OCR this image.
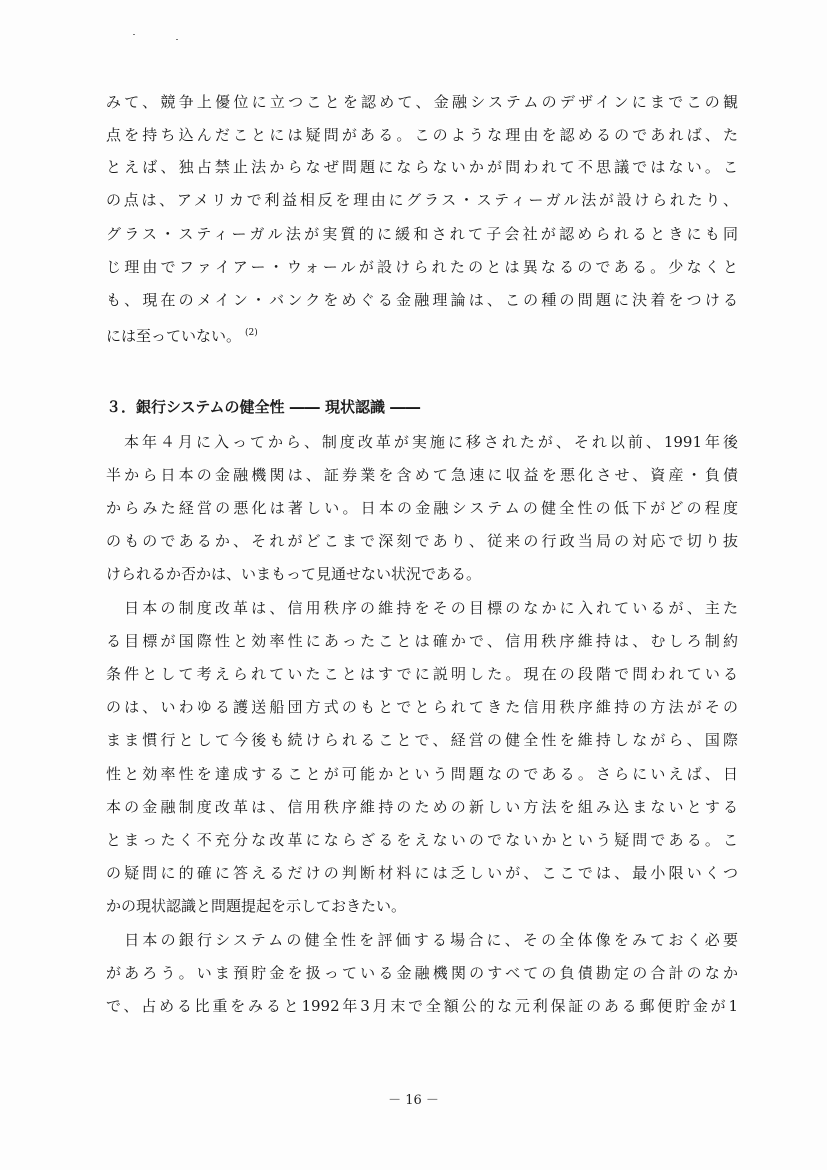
みて、競争上優位に立つことを認めて、金融システムのデザインにまでこの観
点を持ち込んだことには疑問がある。このような理由を認めるのであれば、た
とえば、独占禁止法からなぜ問題にならないかが問われて不思議ではない。こ
の点は、アメリカで利益相反を理由にグラス・スティーガル法が設けられたり、
グラス・スティーガル法が実質的に緩和されて子会社が認められるときにも同
じ理由でファイアー・ウォールが設けられたのとは異なるのである。少なくと
も、現在のメイン・バンクをめぐる金融理論は、この種の問題に決着をつける
には至っていない。 $^{(2)}$
３．銀行システムの健全性 ―― 現状認識 ――
　本年４月に入ってから、制度改革が実施に移されたが、それ以前、1991年後
半から日本の金融機関は、証券業を含めて急速に収益を悪化させ、資産・負債
からみた経営の悪化は著しい。日本の金融システムの健全性の低下がどの程度
のものであるか、それがどこまで深刻であり、従来の行政当局の対応で切り抜
けられるか否かは、いまもって見通せない状況である。
　日本の制度改革は、信用秩序の維持をその目標のなかに入れているが、主た
る目標が国際性と効率性にあったことは確かで、信用秩序維持は、むしろ制約
条件として考えられていたことはすでに説明した。現在の段階で問われている
のは、いわゆる護送船団方式のもとでとられてきた信用秩序維持の方法がその
まま慣行として今後も続けられることで、経営の健全性を維持しながら、国際
性と効率性を達成することが可能かという問題なのである。さらにいえば、日
本の金融制度改革は、信用秩序維持のための新しい方法を組み込まないとする
とまったく不充分な改革にならざるをえないのでないかという疑問である。こ
の疑問に的確に答えるだけの判断材料には乏しいが、ここでは、最小限いくつ
かの現状認識と問題提起を示しておきたい。
　日本の銀行システムの健全性を評価する場合に、その全体像をみておく必要
があろう。いま預貯金を扱っている金融機関のすべての負債勘定の合計のなか
で、占める比重をみると1992年3月末で全額公的な元利保証のある郵便貯金が1
－ 16 －
